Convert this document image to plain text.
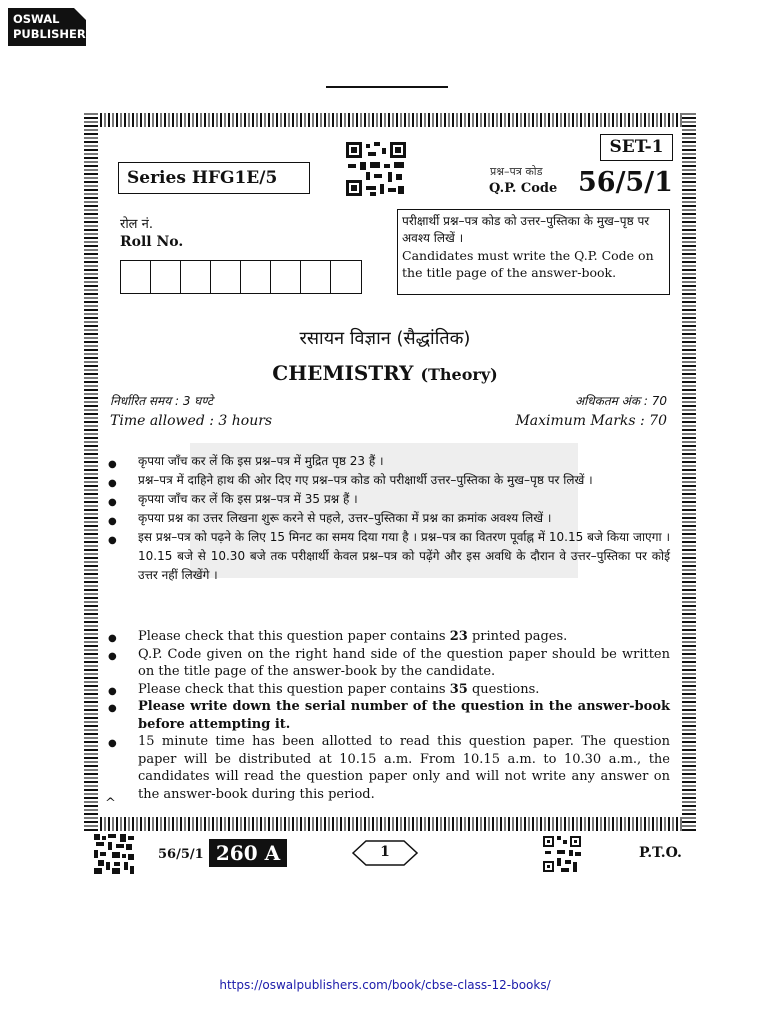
OSWAL
PUBLISHERS
SET-1
Series HFG1E/5	प्रश्न–पत्र कोड
Q.P. Code 56/5/1
रोल नं.
Roll No.
परीक्षार्थी प्रश्न–पत्र कोड को उत्तर–पुस्तिका के मुख–पृष्ठ पर अवश्य लिखें ।
Candidates must write the Q.P. Code on the title page of the answer-book.
रसायन विज्ञान (सैद्धांतिक)
CHEMISTRY (Theory)
निर्धारित समय : 3 घण्टे	अधिकतम अंक : 70
Time allowed : 3 hours	Maximum Marks : 70
● कृपया जाँच कर लें कि इस प्रश्न–पत्र में मुद्रित पृष्ठ 23 हैं ।
● प्रश्न–पत्र में दाहिने हाथ की ओर दिए गए प्रश्न–पत्र कोड को परीक्षार्थी उत्तर–पुस्तिका के मुख–पृष्ठ पर लिखें ।
● कृपया जाँच कर लें कि इस प्रश्न–पत्र में 35 प्रश्न हैं ।
● कृपया प्रश्न का उत्तर लिखना शुरू करने से पहले, उत्तर–पुस्तिका में प्रश्न का क्रमांक अवश्य लिखें ।
● इस प्रश्न–पत्र को पढ़ने के लिए 15 मिनट का समय दिया गया है । प्रश्न–पत्र का वितरण पूर्वाह्न में 10.15 बजे किया जाएगा । 10.15 बजे से 10.30 बजे तक परीक्षार्थी केवल प्रश्न–पत्र को पढ़ेंगे और इस अवधि के दौरान वे उत्तर–पुस्तिका पर कोई उत्तर नहीं लिखेंगे ।
● Please check that this question paper contains 23 printed pages.
● Q.P. Code given on the right hand side of the question paper should be written on the title page of the answer-book by the candidate.
● Please check that this question paper contains 35 questions.
● Please write down the serial number of the question in the answer-book before attempting it.
● 15 minute time has been allotted to read this question paper. The question paper will be distributed at 10.15 a.m. From 10.15 a.m. to 10.30 a.m., the candidates will read the question paper only and will not write any answer on the answer-book during this period.
^
56/5/1 260 A	1	P.T.O.
https://oswalpublishers.com/book/cbse-class-12-books/
